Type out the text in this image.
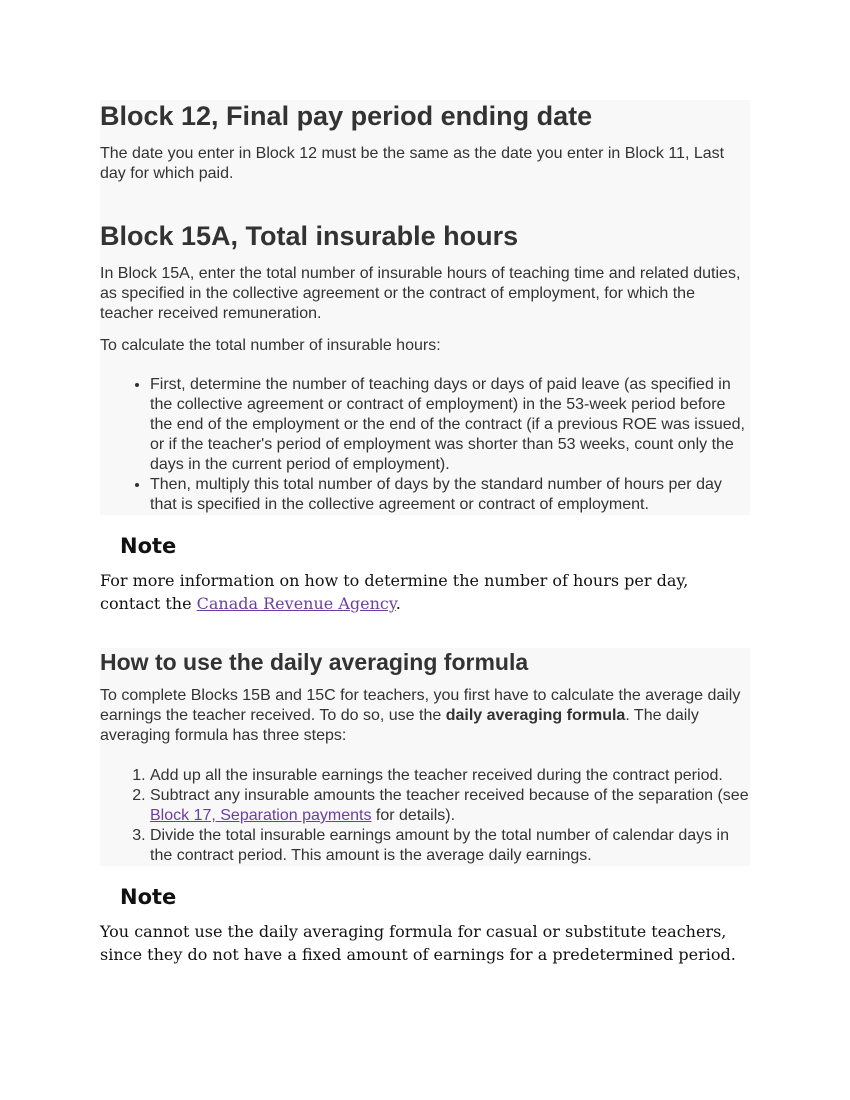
Block 12, Final pay period ending date

The date you enter in Block 12 must be the same as the date you enter in Block 11, Last day for which paid.

Block 15A, Total insurable hours

In Block 15A, enter the total number of insurable hours of teaching time and related duties, as specified in the collective agreement or the contract of employment, for which the teacher received remuneration.

To calculate the total number of insurable hours:

• First, determine the number of teaching days or days of paid leave (as specified in the collective agreement or contract of employment) in the 53-week period before the end of the employment or the end of the contract (if a previous ROE was issued, or if the teacher's period of employment was shorter than 53 weeks, count only the days in the current period of employment).
• Then, multiply this total number of days by the standard number of hours per day that is specified in the collective agreement or contract of employment.
Note

For more information on how to determine the number of hours per day, contact the Canada Revenue Agency.

How to use the daily averaging formula

To complete Blocks 15B and 15C for teachers, you first have to calculate the average daily earnings the teacher received. To do so, use the daily averaging formula. The daily averaging formula has three steps:

1. Add up all the insurable earnings the teacher received during the contract period.
2. Subtract any insurable amounts the teacher received because of the separation (see Block 17, Separation payments for details).
3. Divide the total insurable earnings amount by the total number of calendar days in the contract period. This amount is the average daily earnings.
Note

You cannot use the daily averaging formula for casual or substitute teachers, since they do not have a fixed amount of earnings for a predetermined period.
